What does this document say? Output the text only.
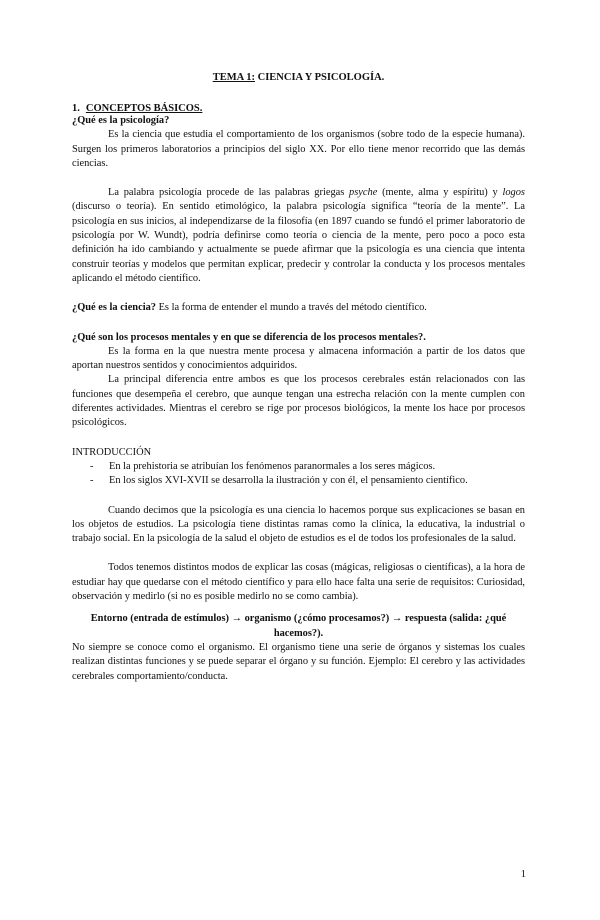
TEMA 1: CIENCIA Y PSICOLOGÍA.
1. CONCEPTOS BÁSICOS.

¿Qué es la psicología?

Es la ciencia que estudia el comportamiento de los organismos (sobre todo de la especie humana). Surgen los primeros laboratorios a principios del siglo XX. Por ello tiene menor recorrido que las demás ciencias.

La palabra psicología procede de las palabras griegas psyche (mente, alma y espíritu) y logos (discurso o teoría). En sentido etimológico, la palabra psicología significa “teoría de la mente”. La psicología en sus inicios, al independizarse de la filosofía (en 1897 cuando se fundó el primer laboratorio de psicología por W. Wundt), podría definirse como teoría o ciencia de la mente, pero poco a poco esta definición ha ido cambiando y actualmente se puede afirmar que la psicología es una ciencia que intenta construir teorías y modelos que permitan explicar, predecir y controlar la conducta y los procesos mentales aplicando el método científico.

¿Qué es la ciencia? Es la forma de entender el mundo a través del método científico.

¿Qué son los procesos mentales y en que se diferencia de los procesos mentales?.

Es la forma en la que nuestra mente procesa y almacena información a partir de los datos que aportan nuestros sentidos y conocimientos adquiridos.

La principal diferencia entre ambos es que los procesos cerebrales están relacionados con las funciones que desempeña el cerebro, que aunque tengan una estrecha relación con la mente cumplen con diferentes actividades. Mientras el cerebro se rige por procesos biológicos, la mente los hace por procesos psicológicos.

INTRODUCCIÓN

- En la prehistoria se atribuían los fenómenos paranormales a los seres mágicos.
- En los siglos XVI-XVII se desarrolla la ilustración y con él, el pensamiento científico.

Cuando decimos que la psicología es una ciencia lo hacemos porque sus explicaciones se basan en los objetos de estudios. La psicología tiene distintas ramas como la clínica, la educativa, la industrial o trabajo social. En la psicología de la salud el objeto de estudios es el de todos los profesionales de la salud.

Todos tenemos distintos modos de explicar las cosas (mágicas, religiosas o científicas), a la hora de estudiar hay que quedarse con el método científico y para ello hace falta una serie de requisitos: Curiosidad, observación y medirlo (si no es posible medirlo no se como cambia).

Entorno (entrada de estímulos) → organismo (¿cómo procesamos?) → respuesta (salida: ¿qué hacemos?).

No siempre se conoce como el organismo. El organismo tiene una serie de órganos y sistemas los cuales realizan distintas funciones y se puede separar el órgano y su función. Ejemplo: El cerebro y las actividades cerebrales comportamiento/conducta.

1
